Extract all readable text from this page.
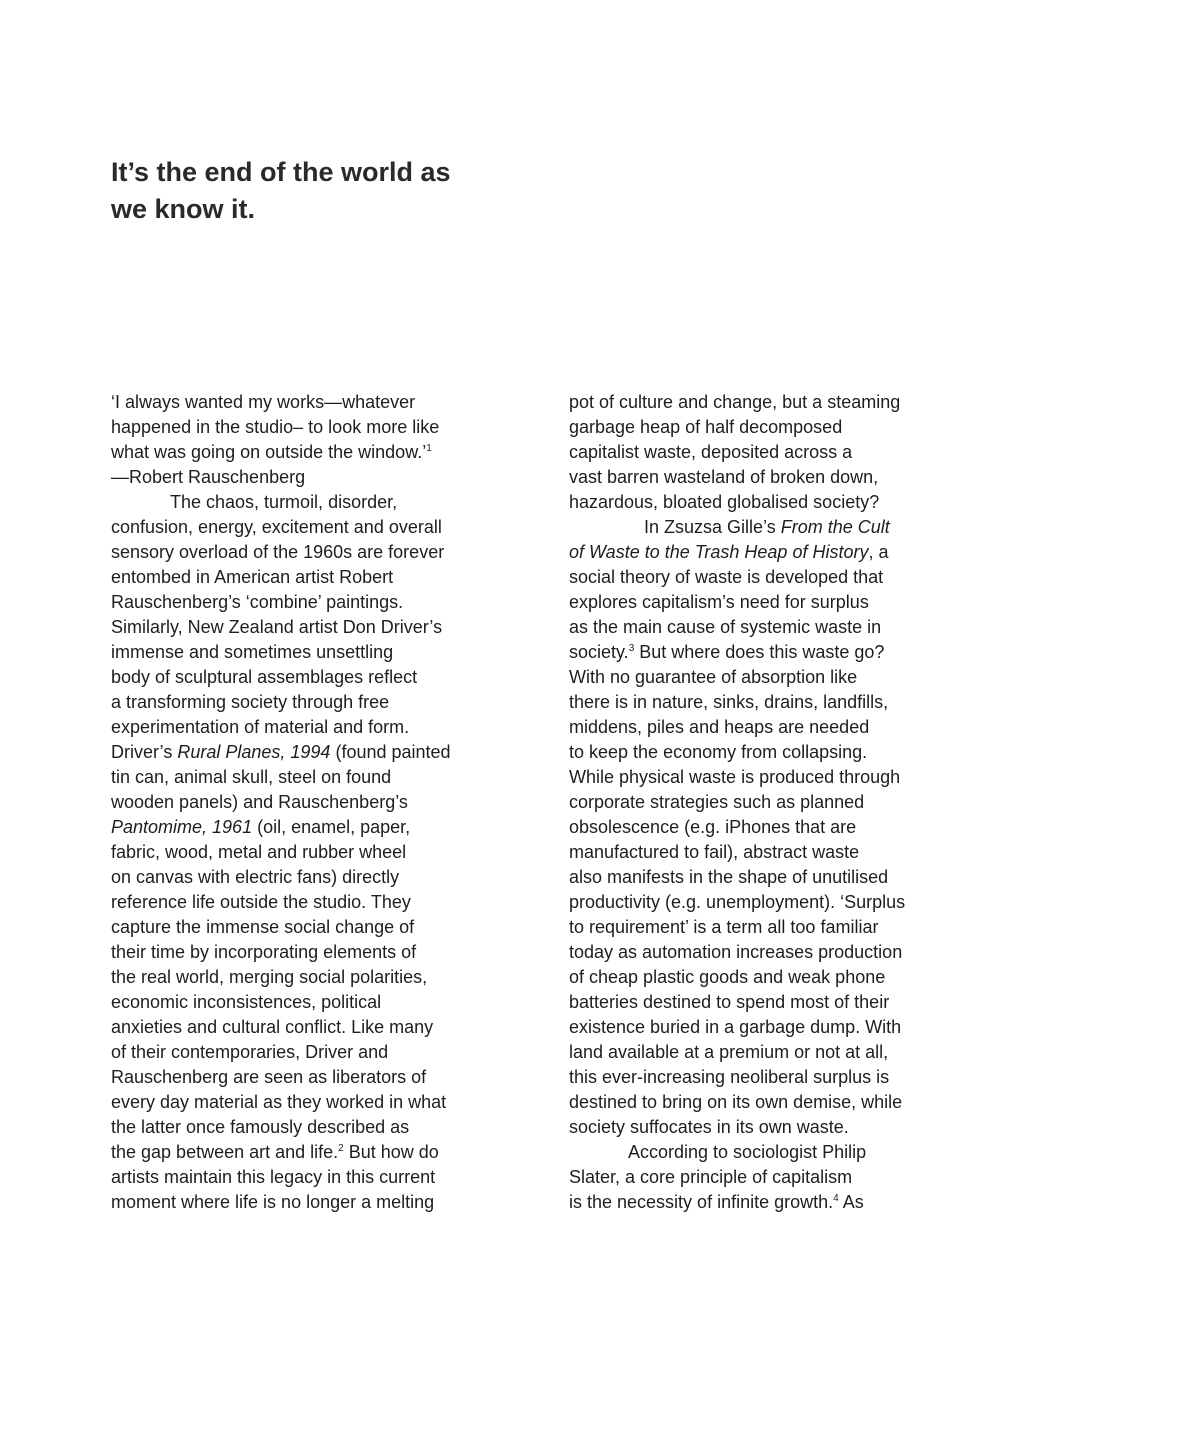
It’s the end of the world as
we know it.
‘I always wanted my works—whatever
happened in the studio– to look more like
what was going on outside the window.’$^1$
—Robert Rauschenberg
The chaos, turmoil, disorder,
confusion, energy, excitement and overall
sensory overload of the 1960s are forever
entombed in American artist Robert
Rauschenberg’s ‘combine’ paintings.
Similarly, New Zealand artist Don Driver’s
immense and sometimes unsettling
body of sculptural assemblages reflect
a transforming society through free
experimentation of material and form.
Driver’s Rural Planes, 1994 (found painted
tin can, animal skull, steel on found
wooden panels) and Rauschenberg’s
Pantomime, 1961 (oil, enamel, paper,
fabric, wood, metal and rubber wheel
on canvas with electric fans) directly
reference life outside the studio. They
capture the immense social change of
their time by incorporating elements of
the real world, merging social polarities,
economic inconsistences, political
anxieties and cultural conflict. Like many
of their contemporaries, Driver and
Rauschenberg are seen as liberators of
every day material as they worked in what
the latter once famously described as
the gap between art and life.$^2$ But how do
artists maintain this legacy in this current
moment where life is no longer a melting
pot of culture and change, but a steaming
garbage heap of half decomposed
capitalist waste, deposited across a
vast barren wasteland of broken down,
hazardous, bloated globalised society?
In Zsuzsa Gille’s From the Cult
of Waste to the Trash Heap of History, a
social theory of waste is developed that
explores capitalism’s need for surplus
as the main cause of systemic waste in
society.$^3$ But where does this waste go?
With no guarantee of absorption like
there is in nature, sinks, drains, landfills,
middens, piles and heaps are needed
to keep the economy from collapsing.
While physical waste is produced through
corporate strategies such as planned
obsolescence (e.g. iPhones that are
manufactured to fail), abstract waste
also manifests in the shape of unutilised
productivity (e.g. unemployment). ‘Surplus
to requirement’ is a term all too familiar
today as automation increases production
of cheap plastic goods and weak phone
batteries destined to spend most of their
existence buried in a garbage dump. With
land available at a premium or not at all,
this ever-increasing neoliberal surplus is
destined to bring on its own demise, while
society suffocates in its own waste.
According to sociologist Philip
Slater, a core principle of capitalism
is the necessity of infinite growth.$^4$ As
